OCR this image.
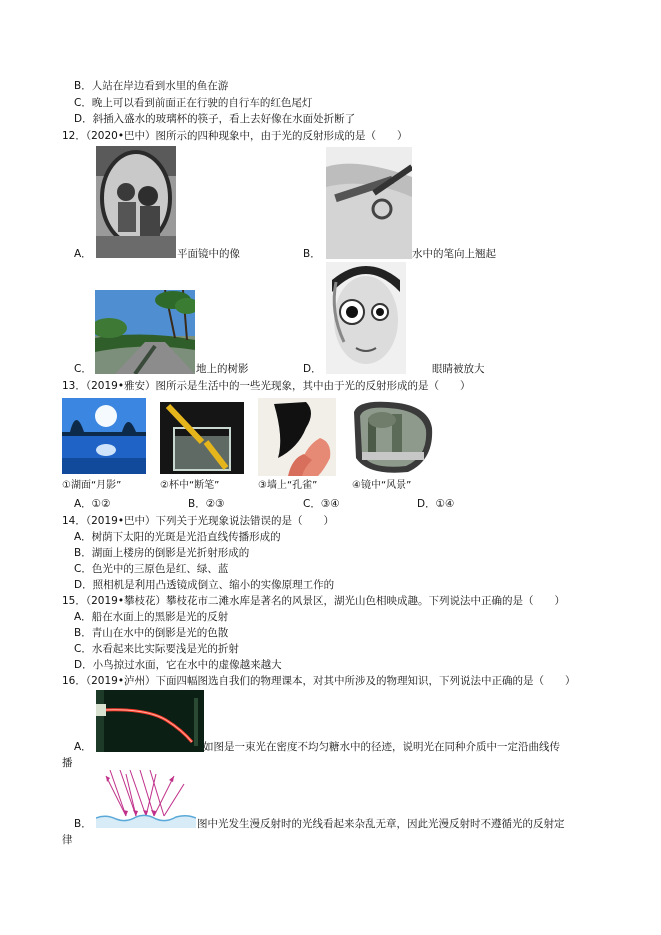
B．人站在岸边看到水里的鱼在游
C．晚上可以看到前面正在行驶的自行车的红色尾灯
D．斜插入盛水的玻璃杯的筷子，看上去好像在水面处折断了
12．（2020•巴中）图所示的四种现象中，由于光的反射形成的是（　　）
A．	平面镜中的像	B．	水中的笔向上翘起
C．	地上的树影	D．	眼睛被放大
13．（2019•雅安）图所示是生活中的一些光现象，其中由于光的反射形成的是（　　）
①湖面“月影”	②杯中“断笔”	③墙上“孔雀”	④镜中“风景”
A．①②	B．②③	C．③④	D．①④
14．（2019•巴中）下列关于光现象说法错误的是（　　）
A．树荫下太阳的光斑是光沿直线传播形成的
B．湖面上楼房的倒影是光折射形成的
C．色光中的三原色是红、绿、蓝
D．照相机是利用凸透镜成倒立、缩小的实像原理工作的
15．（2019•攀枝花）攀枝花市二滩水库是著名的风景区，湖光山色相映成趣。下列说法中正确的是（　　）
A．船在水面上的黑影是光的反射
B．青山在水中的倒影是光的色散
C．水看起来比实际要浅是光的折射
D．小鸟掠过水面，它在水中的虚像越来越大
16．（2019•泸州）下面四幅图选自我们的物理课本，对其中所涉及的物理知识，下列说法中正确的是（　　）
A．	如图是一束光在密度不均匀糖水中的径迹，说明光在同种介质中一定沿曲线传
播
B．	图中光发生漫反射时的光线看起来杂乱无章，因此光漫反射时不遵循光的反射定
律
